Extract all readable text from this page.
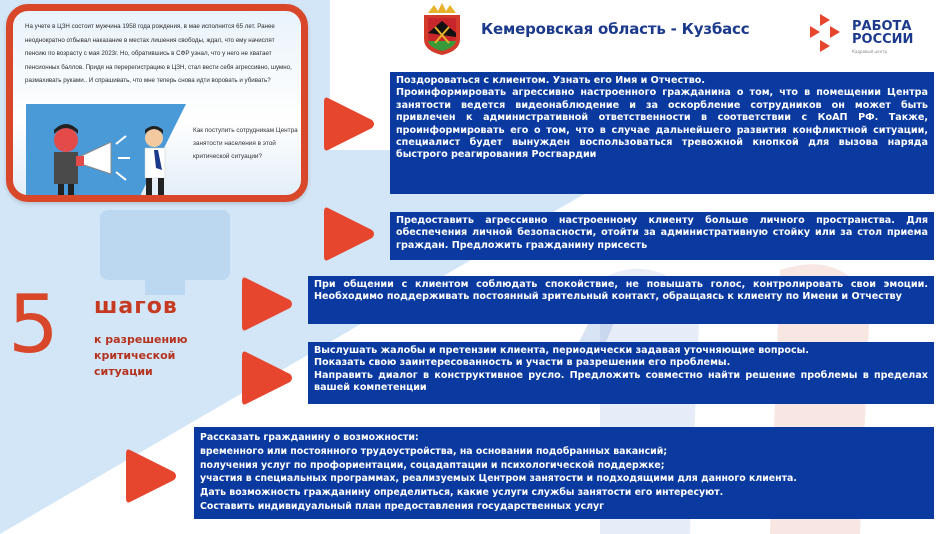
На учете в ЦЗН состоит мужчина 1958 года рождения, в мае исполнится 65 лет. Ранее неоднократно отбывал наказание в местах лишения свободы, ждал, что ему начислят пенсию по возрасту с мая 2023г. Но, обратившись в СФР узнал, что у него не хватает пенсионных баллов. Придя на перерегистрацию в ЦЗН, стал вести себя агрессивно, шумно, размахивать руками.. И спрашивать, что мне теперь снова идти воровать и убивать?
Как поступить сотрудникам Центра занятости населения в этой критической ситуации?
Кемеровская область - Кузбасс	РАБОТА
РОССИИ
Кадровый центр
5 шагов
к разрешению
критической
ситуации
Поздороваться с клиентом. Узнать его Имя и Отчество.
Проинформировать агрессивно настроенного гражданина о том, что в помещении Центра занятости ведется видеонаблюдение и за оскорбление сотрудников он может быть привлечен к административной ответственности в соответствии с КоАП РФ. Также, проинформировать его о том, что в случае дальнейшего развития конфликтной ситуации, специалист будет вынужден воспользоваться тревожной кнопкой для вызова наряда быстрого реагирования Росгвардии
Предоставить агрессивно настроенному клиенту больше личного пространства. Для обеспечения личной безопасности, отойти за административную стойку или за стол приема граждан. Предложить гражданину присесть
При общении с клиентом соблюдать спокойствие, не повышать голос, контролировать свои эмоции. Необходимо поддерживать постоянный зрительный контакт, обращаясь к клиенту по Имени и Отчеству
Выслушать жалобы и претензии клиента, периодически задавая уточняющие вопросы.
Показать свою заинтересованность и участи в разрешении его проблемы.
Направить диалог в конструктивное русло. Предложить совместно найти решение проблемы в пределах вашей компетенции
Рассказать гражданину о возможности:
временного или постоянного трудоустройства, на основании подобранных вакансий;
получения услуг по профориентации, соцадаптации и психологической поддержке;
участия в специальных программах, реализуемых Центром занятости и подходящими для данного клиента.
Дать возможность гражданину определиться, какие услуги службы занятости его интересуют.
Составить индивидуальный план предоставления государственных услуг
